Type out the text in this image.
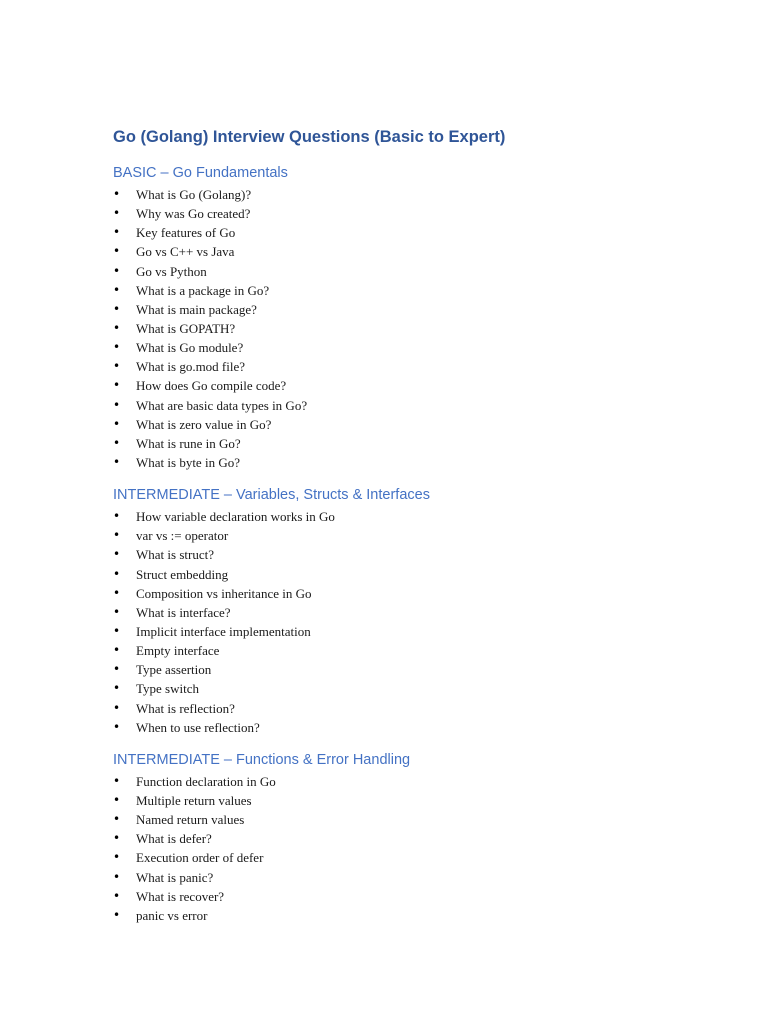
Go (Golang) Interview Questions (Basic to Expert)
BASIC – Go Fundamentals
• What is Go (Golang)?
• Why was Go created?
• Key features of Go
• Go vs C++ vs Java
• Go vs Python
• What is a package in Go?
• What is main package?
• What is GOPATH?
• What is Go module?
• What is go.mod file?
• How does Go compile code?
• What are basic data types in Go?
• What is zero value in Go?
• What is rune in Go?
• What is byte in Go?
INTERMEDIATE – Variables, Structs & Interfaces
• How variable declaration works in Go
• var vs := operator
• What is struct?
• Struct embedding
• Composition vs inheritance in Go
• What is interface?
• Implicit interface implementation
• Empty interface
• Type assertion
• Type switch
• What is reflection?
• When to use reflection?
INTERMEDIATE – Functions & Error Handling
• Function declaration in Go
• Multiple return values
• Named return values
• What is defer?
• Execution order of defer
• What is panic?
• What is recover?
• panic vs error
